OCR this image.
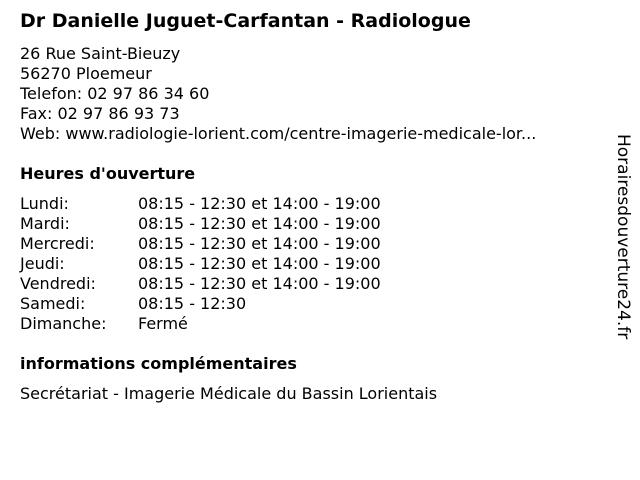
Dr Danielle Juguet-Carfantan - Radiologue
26 Rue Saint-Bieuzy
56270 Ploemeur
Telefon: 02 97 86 34 60
Fax: 02 97 86 93 73
Web: www.radiologie-lorient.com/centre-imagerie-medicale-lor...
Heures d'ouverture
Lundi:	08:15 - 12:30 et 14:00 - 19:00
Mardi:	08:15 - 12:30 et 14:00 - 19:00
Mercredi:	08:15 - 12:30 et 14:00 - 19:00
Jeudi:	08:15 - 12:30 et 14:00 - 19:00
Vendredi:	08:15 - 12:30 et 14:00 - 19:00
Samedi:	08:15 - 12:30
Dimanche:	Fermé
informations complémentaires
Secrétariat - Imagerie Médicale du Bassin Lorientais
Horairesdouverture24.fr
